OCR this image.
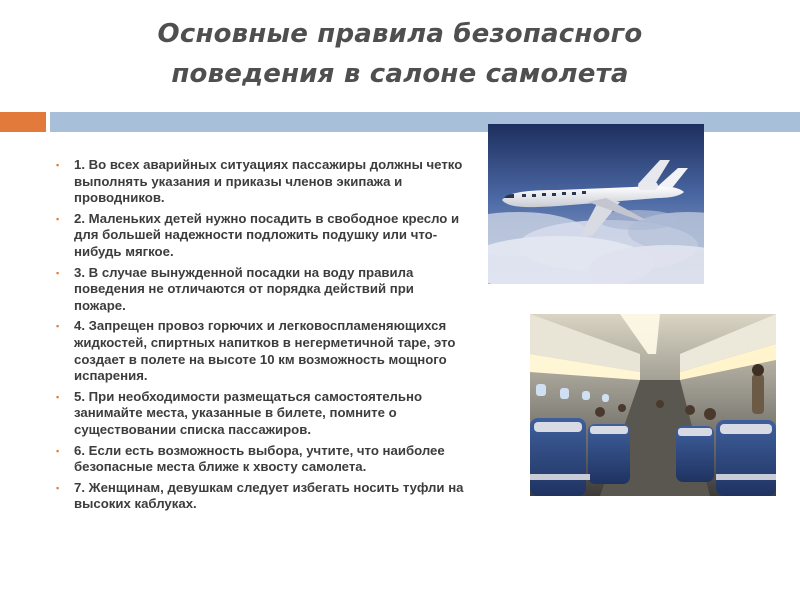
Основные правила безопасного
поведения в салоне самолета
▪ 1. Во всех аварийных ситуациях пассажиры должны четко выполнять указания и приказы членов экипажа и проводников.
▪ 2. Маленьких детей нужно посадить в свободное кресло и для большей надежности подложить подушку или что-нибудь мягкое.
▪ 3. В случае вынужденной посадки на воду правила поведения не отличаются от порядка действий при пожаре.
▪ 4. Запрещен провоз горючих и легковоспламеняющихся жидкостей, спиртных напитков в негерметичной таре, это создает в полете на высоте 10 км возможность мощного испарения.
▪ 5. При необходимости размещаться самостоятельно занимайте места, указанные в билете, помните о существовании списка пассажиров.
▪ 6. Если есть возможность выбора, учтите, что наиболее безопасные места ближе к хвосту самолета.
▪ 7. Женщинам, девушкам следует избегать носить туфли на высоких каблуках.
